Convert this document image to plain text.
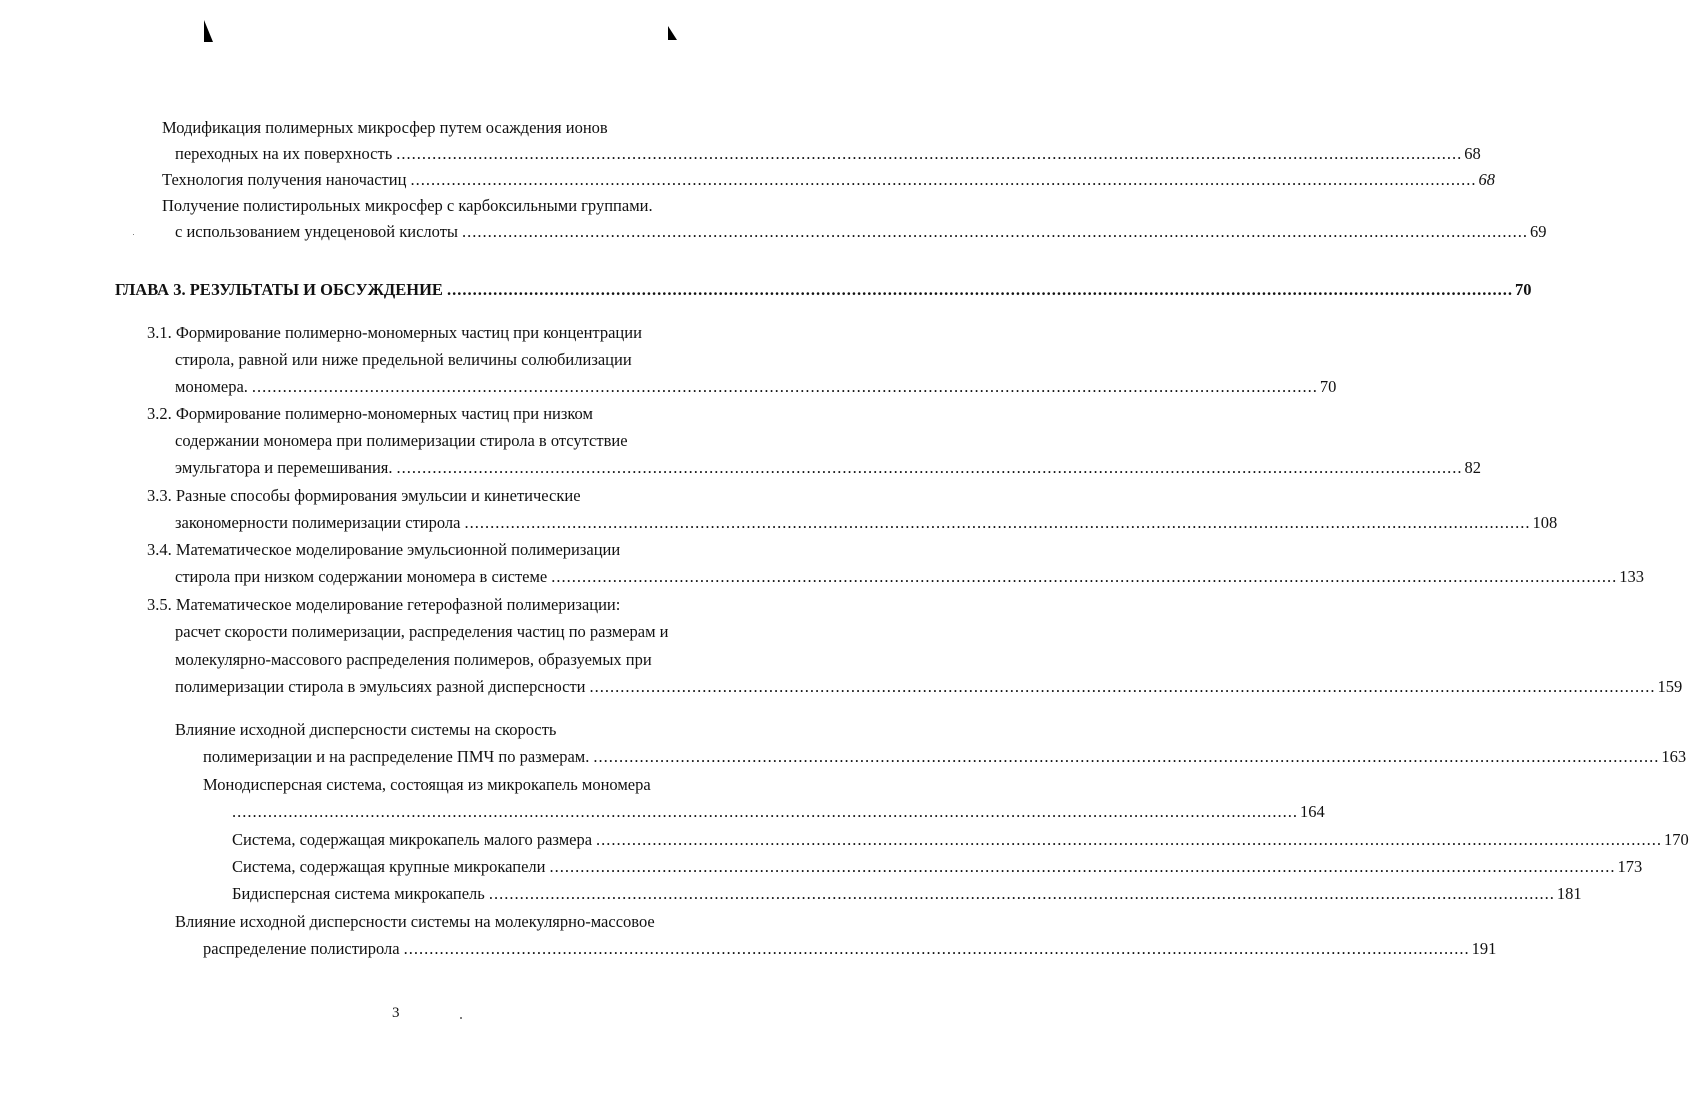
Модификация полимерных микросфер путем осаждения ионов
переходных на их поверхность ................................................................................................................................................................................................................ 68
Технология получения наночастиц ................................................................................................................................................................................................................ 68
Получение полистирольных микросфер с карбоксильными группами.
с использованием ундеценовой кислоты ................................................................................................................................................................................................................ 69
ГЛАВА 3. РЕЗУЛЬТАТЫ И ОБСУЖДЕНИЕ ................................................................................................................................................................................................................ 70
3.1. Формирование полимерно-мономерных частиц при концентрации
стирола, равной или ниже предельной величины солюбилизации
мономера. ................................................................................................................................................................................................................ 70
3.2. Формирование полимерно-мономерных частиц при низком
содержании мономера при полимеризации стирола в отсутствие
эмульгатора и перемешивания. ................................................................................................................................................................................................................ 82
3.3. Разные способы формирования эмульсии и кинетические
закономерности полимеризации стирола ................................................................................................................................................................................................................ 108
3.4. Математическое моделирование эмульсионной полимеризации
стирола при низком содержании мономера в системе ................................................................................................................................................................................................................ 133
3.5. Математическое моделирование гетерофазной полимеризации:
расчет скорости полимеризации, распределения частиц по размерам и
молекулярно-массового распределения полимеров, образуемых при
полимеризации стирола в эмульсиях разной дисперсности ................................................................................................................................................................................................................ 159
Влияние исходной дисперсности системы на скорость
полимеризации и на распределение ПМЧ по размерам. ................................................................................................................................................................................................................ 163
Монодисперсная система, состоящая из микрокапель мономера
................................................................................................................................................................................................................ 164
Система, содержащая микрокапель малого размера ................................................................................................................................................................................................................ 170
Система, содержащая крупные микрокапели ................................................................................................................................................................................................................ 173
Бидисперсная система микрокапель ................................................................................................................................................................................................................ 181
Влияние исходной дисперсности системы на молекулярно-массовое
распределение полистирола ................................................................................................................................................................................................................ 191
3
